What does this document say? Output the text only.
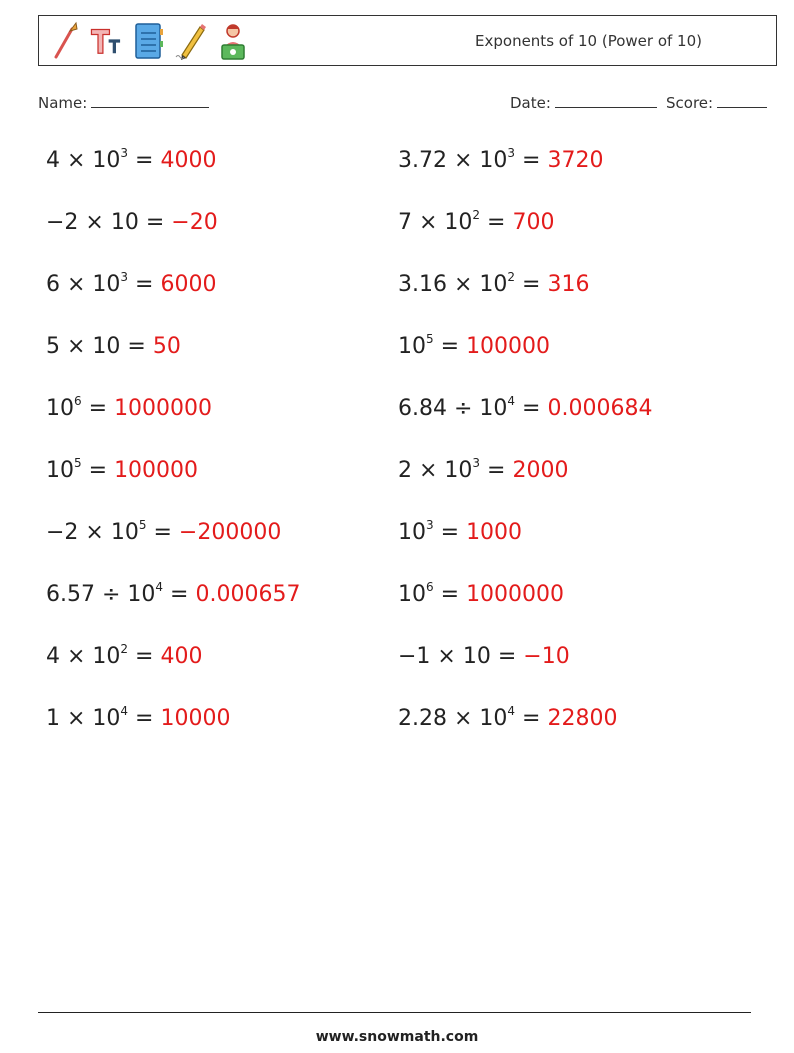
Exponents of 10 (Power of 10)
Name:	Date:	Score:
$4 \times 10^3 = 4000$	$3.72 \times 10^3 = 3720$
−2 × 10 = −20	$7 \times 10^2 = 700$
$6 \times 10^3 = 6000$	$3.16 \times 10^2 = 316$
5 × 10 = 50	$10^5 = 100000$
$10^6 = 1000000$	$6.84 \div 10^4 = 0.000684$
$10^5 = 100000$	$2 \times 10^3 = 2000$
$-2 \times 10^5 = -200000$	$10^3 = 1000$
$6.57 \div 10^4 = 0.000657$	$10^6 = 1000000$
$4 \times 10^2 = 400$	−1 × 10 = −10
$1 \times 10^4 = 10000$	$2.28 \times 10^4 = 22800$
www.snowmath.com
